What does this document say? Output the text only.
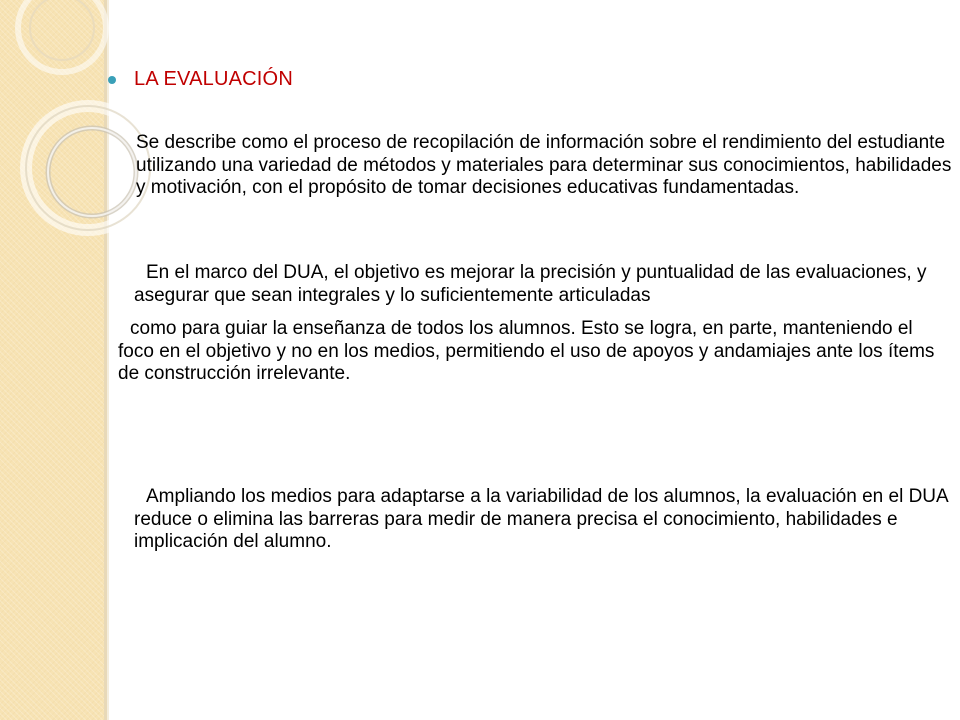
LA EVALUACIÓN

Se describe como el proceso de recopilación de información sobre el rendimiento del estudiante utilizando una variedad de métodos y materiales para determinar sus conocimientos, habilidades y motivación, con el propósito de tomar decisiones educativas fundamentadas.

En el marco del DUA, el objetivo es mejorar la precisión y puntualidad de las evaluaciones, y asegurar que sean integrales y lo suficientemente articuladas

como para guiar la enseñanza de todos los alumnos. Esto se logra, en parte, manteniendo el foco en el objetivo y no en los medios, permitiendo el uso de apoyos y andamiajes ante los ítems de construcción irrelevante.

Ampliando los medios para adaptarse a la variabilidad de los alumnos, la evaluación en el DUA reduce o elimina las barreras para medir de manera precisa el conocimiento, habilidades e implicación del alumno.
